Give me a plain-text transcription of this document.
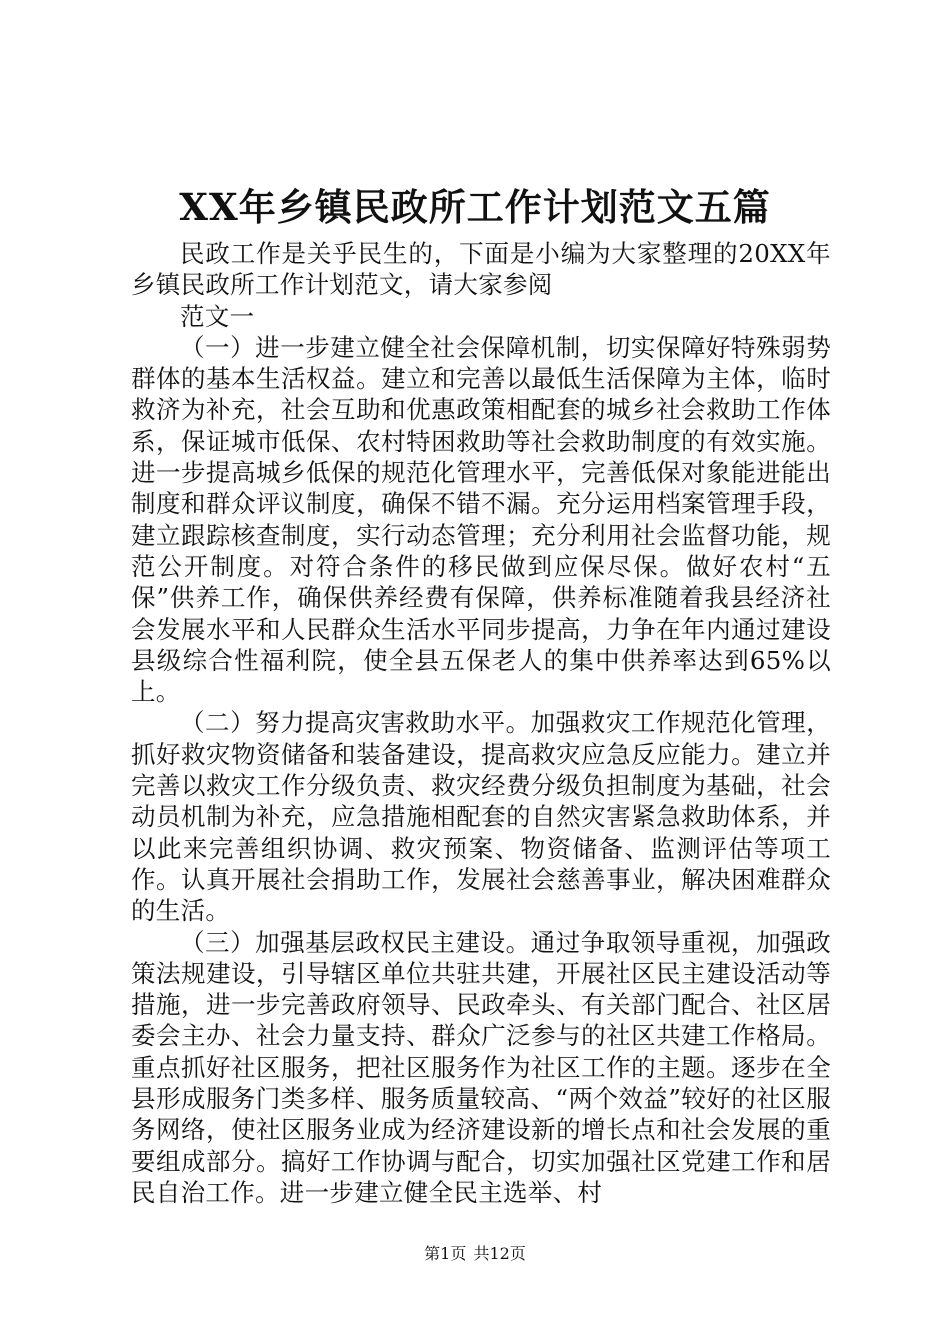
XX年乡镇民政所工作计划范文五篇

民政工作是关乎民生的，下面是小编为大家整理的20XX年乡镇民政所工作计划范文，请大家参阅

范文一

（一）进一步建立健全社会保障机制，切实保障好特殊弱势群体的基本生活权益。建立和完善以最低生活保障为主体，临时救济为补充，社会互助和优惠政策相配套的城乡社会救助工作体系，保证城市低保、农村特困救助等社会救助制度的有效实施。进一步提高城乡低保的规范化管理水平，完善低保对象能进能出制度和群众评议制度，确保不错不漏。充分运用档案管理手段，建立跟踪核查制度，实行动态管理；充分利用社会监督功能，规范公开制度。对符合条件的移民做到应保尽保。做好农村“五保”供养工作，确保供养经费有保障，供养标准随着我县经济社会发展水平和人民群众生活水平同步提高，力争在年内通过建设县级综合性福利院，使全县五保老人的集中供养率达到65%以上。

（二）努力提高灾害救助水平。加强救灾工作规范化管理，抓好救灾物资储备和装备建设，提高救灾应急反应能力。建立并完善以救灾工作分级负责、救灾经费分级负担制度为基础，社会动员机制为补充，应急措施相配套的自然灾害紧急救助体系，并以此来完善组织协调、救灾预案、物资储备、监测评估等项工作。认真开展社会捐助工作，发展社会慈善事业，解决困难群众的生活。

（三）加强基层政权民主建设。通过争取领导重视，加强政策法规建设，引导辖区单位共驻共建，开展社区民主建设活动等措施，进一步完善政府领导、民政牵头、有关部门配合、社区居委会主办、社会力量支持、群众广泛参与的社区共建工作格局。重点抓好社区服务，把社区服务作为社区工作的主题。逐步在全县形成服务门类多样、服务质量较高、“两个效益”较好的社区服务网络，使社区服务业成为经济建设新的增长点和社会发展的重要组成部分。搞好工作协调与配合，切实加强社区党建工作和居民自治工作。进一步建立健全民主选举、村

第1页 共12页
